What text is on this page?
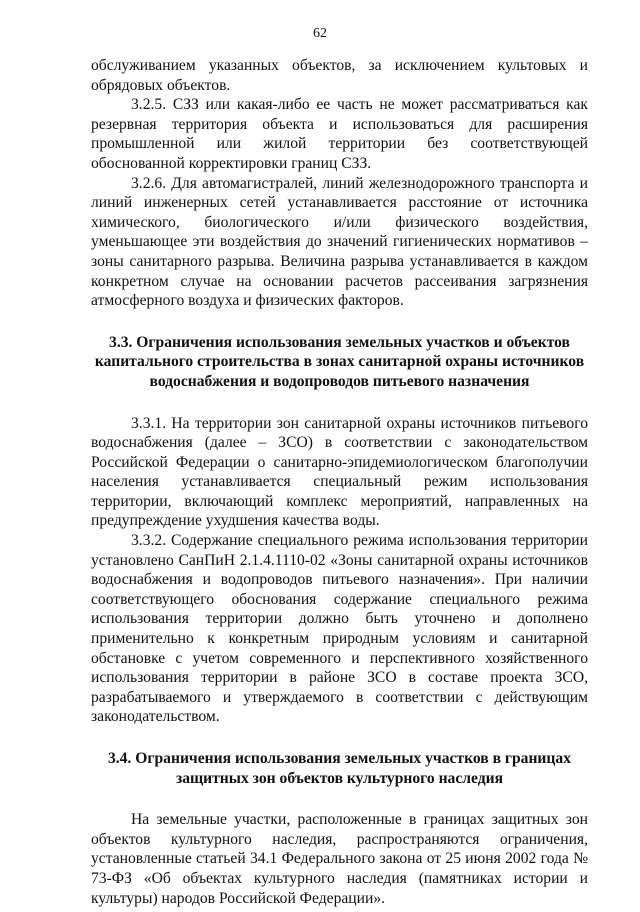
62

обслуживанием указанных объектов, за исключением культовых и обрядовых объектов.

3.2.5. СЗЗ или какая-либо ее часть не может рассматриваться как резервная территория объекта и использоваться для расширения промышленной или жилой территории без соответствующей обоснованной корректировки границ СЗЗ.

3.2.6. Для автомагистралей, линий железнодорожного транспорта и линий инженерных сетей устанавливается расстояние от источника химического, биологического и/или физического воздействия, уменьшающее эти воздействия до значений гигиенических нормативов – зоны санитарного разрыва. Величина разрыва устанавливается в каждом конкретном случае на основании расчетов рассеивания загрязнения атмосферного воздуха и физических факторов.

3.3. Ограничения использования земельных участков и объектов капитального строительства в зонах санитарной охраны источников водоснабжения и водопроводов питьевого назначения

3.3.1. На территории зон санитарной охраны источников питьевого водоснабжения (далее – ЗСО) в соответствии с законодательством Российской Федерации о санитарно-эпидемиологическом благополучии населения устанавливается специальный режим использования территории, включающий комплекс мероприятий, направленных на предупреждение ухудшения качества воды.

3.3.2. Содержание специального режима использования территории установлено СанПиН 2.1.4.1110-02 «Зоны санитарной охраны источников водоснабжения и водопроводов питьевого назначения». При наличии соответствующего обоснования содержание специального режима использования территории должно быть уточнено и дополнено применительно к конкретным природным условиям и санитарной обстановке с учетом современного и перспективного хозяйственного использования территории в районе ЗСО в составе проекта ЗСО, разрабатываемого и утверждаемого в соответствии с действующим законодательством.

3.4. Ограничения использования земельных участков в границах защитных зон объектов культурного наследия

На земельные участки, расположенные в границах защитных зон объектов культурного наследия, распространяются ограничения, установленные статьей 34.1 Федерального закона от 25 июня 2002 года № 73-ФЗ «Об объектах культурного наследия (памятниках истории и культуры) народов Российской Федерации».
